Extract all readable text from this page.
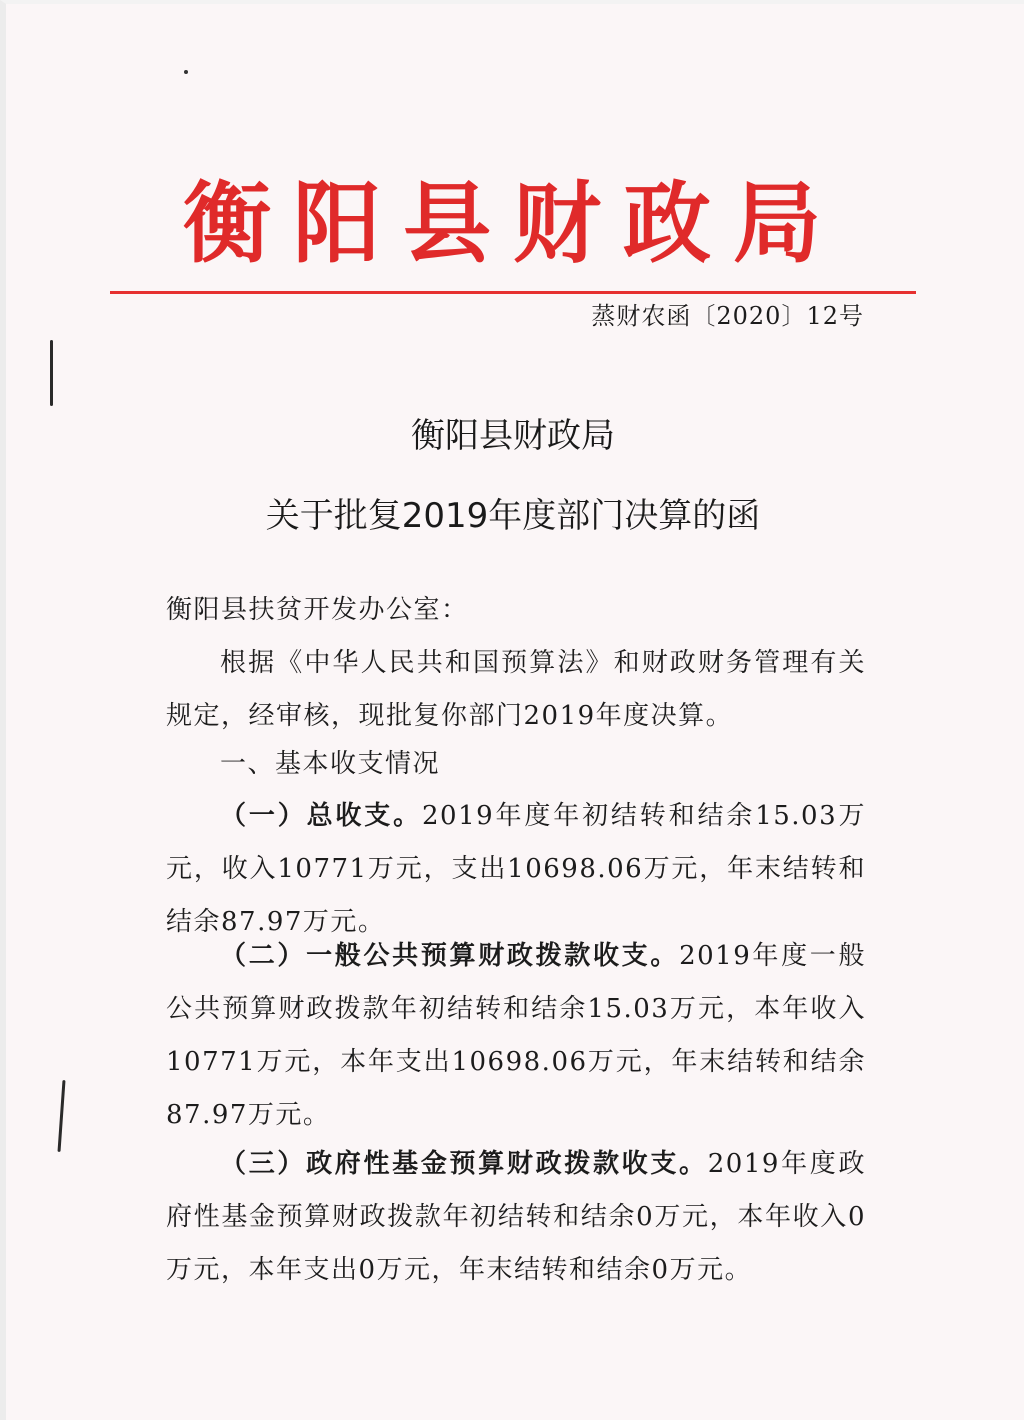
衡阳县财政局
蒸财农函〔2020〕12号
衡阳县财政局
关于批复2019年度部门决算的函
衡阳县扶贫开发办公室：
根据《中华人民共和国预算法》和财政财务管理有关规定，经审核，现批复你部门2019年度决算。
一、基本收支情况
（一）总收支。2019年度年初结转和结余15.03万元，收入10771万元，支出10698.06万元，年末结转和结余87.97万元。
（二）一般公共预算财政拨款收支。2019年度一般公共预算财政拨款年初结转和结余15.03万元，本年收入10771万元，本年支出10698.06万元，年末结转和结余87.97万元。
（三）政府性基金预算财政拨款收支。2019年度政府性基金预算财政拨款年初结转和结余0万元，本年收入0万元，本年支出0万元，年末结转和结余0万元。
